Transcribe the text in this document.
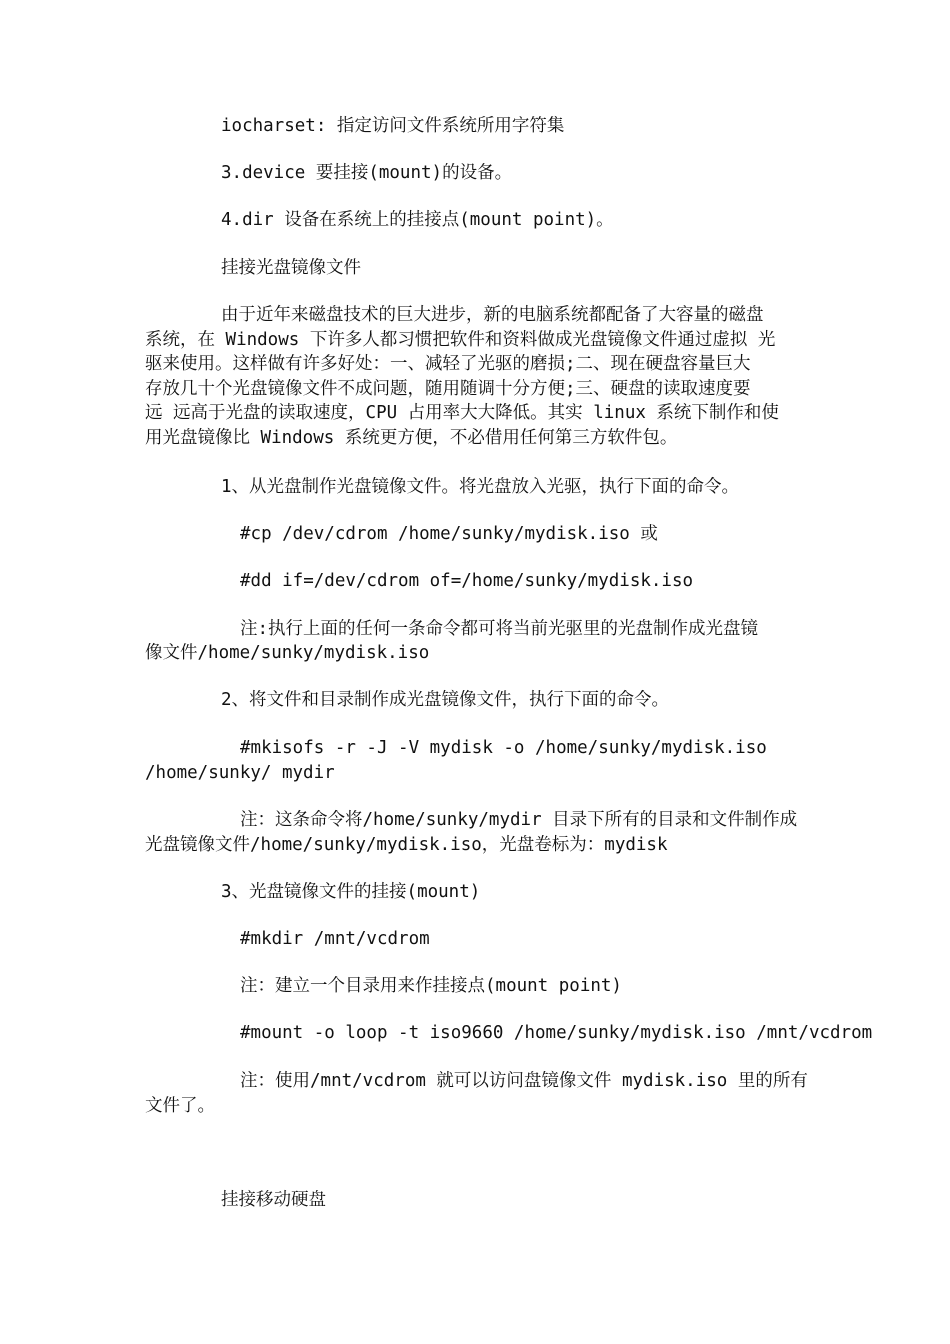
iocharset: 指定访问文件系统所用字符集
3.device 要挂接(mount)的设备。
4.dir 设备在系统上的挂接点(mount point)。
挂接光盘镜像文件
由于近年来磁盘技术的巨大进步，新的电脑系统都配备了大容量的磁盘
系统，在 Windows 下许多人都习惯把软件和资料做成光盘镜像文件通过虚拟 光
驱来使用。这样做有许多好处：一、减轻了光驱的磨损;二、现在硬盘容量巨大
存放几十个光盘镜像文件不成问题，随用随调十分方便;三、硬盘的读取速度要
远 远高于光盘的读取速度，CPU 占用率大大降低。其实 linux 系统下制作和使
用光盘镜像比 Windows 系统更方便，不必借用任何第三方软件包。
1、从光盘制作光盘镜像文件。将光盘放入光驱，执行下面的命令。
#cp /dev/cdrom /home/sunky/mydisk.iso 或
#dd if=/dev/cdrom of=/home/sunky/mydisk.iso
注:执行上面的任何一条命令都可将当前光驱里的光盘制作成光盘镜
像文件/home/sunky/mydisk.iso
2、将文件和目录制作成光盘镜像文件，执行下面的命令。
#mkisofs -r -J -V mydisk -o /home/sunky/mydisk.iso
/home/sunky/ mydir
注：这条命令将/home/sunky/mydir 目录下所有的目录和文件制作成
光盘镜像文件/home/sunky/mydisk.iso，光盘卷标为：mydisk
3、光盘镜像文件的挂接(mount)
#mkdir /mnt/vcdrom
注：建立一个目录用来作挂接点(mount point)
#mount -o loop -t iso9660 /home/sunky/mydisk.iso /mnt/vcdrom
注：使用/mnt/vcdrom 就可以访问盘镜像文件 mydisk.iso 里的所有
文件了。
挂接移动硬盘
